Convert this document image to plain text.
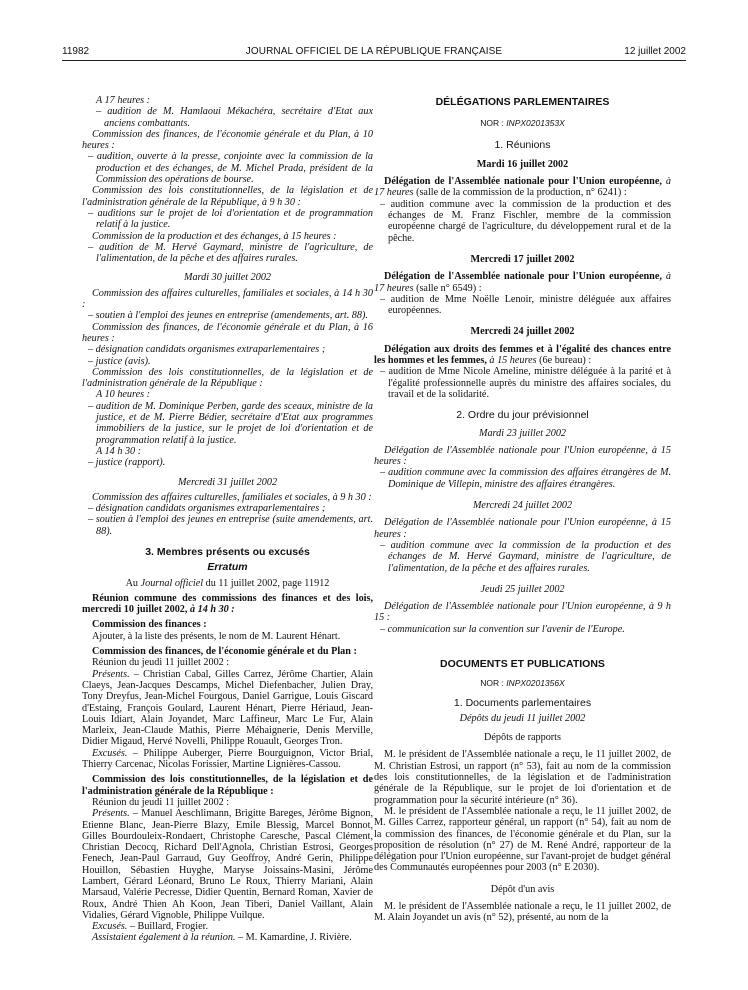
11982	JOURNAL OFFICIEL DE LA RÉPUBLIQUE FRANÇAISE	12 juillet 2002

A 17 heures :

– audition de M. Hamlaoui Mékachéra, secrétaire d'Etat aux anciens combattants.

Commission des finances, de l'économie générale et du Plan, à 10 heures :

– audition, ouverte à la presse, conjointe avec la commission de la production et des échanges, de M. Michel Prada, président de la Commission des opérations de bourse.

Commission des lois constitutionnelles, de la législation et de l'administration générale de la République, à 9 h 30 :

– auditions sur le projet de loi d'orientation et de programmation relatif à la justice.

Commission de la production et des échanges, à 15 heures :

– audition de M. Hervé Gaymard, ministre de l'agriculture, de l'alimentation, de la pêche et des affaires rurales.

Mardi 30 juillet 2002

Commission des affaires culturelles, familiales et sociales, à 14 h 30 :

– soutien à l'emploi des jeunes en entreprise (amendements, art. 88).

Commission des finances, de l'économie générale et du Plan, à 16 heures :

– désignation candidats organismes extraparlementaires ;

– justice (avis).

Commission des lois constitutionnelles, de la législation et de l'administration générale de la République :

A 10 heures :

– audition de M. Dominique Perben, garde des sceaux, ministre de la justice, et de M. Pierre Bédier, secrétaire d'Etat aux programmes immobiliers de la justice, sur le projet de loi d'orientation et de programmation relatif à la justice.

A 14 h 30 :

– justice (rapport).

Mercredi 31 juillet 2002

Commission des affaires culturelles, familiales et sociales, à 9 h 30 :

– désignation candidats organismes extraparlementaires ;

– soutien à l'emploi des jeunes en entreprise (suite amendements, art. 88).

3. Membres présents ou excusés

Erratum

Au Journal officiel du 11 juillet 2002, page 11912

Réunion commune des commissions des finances et des lois, mercredi 10 juillet 2002, à 14 h 30 :

Commission des finances :

Ajouter, à la liste des présents, le nom de M. Laurent Hénart.

Commission des finances, de l'économie générale et du Plan :

Réunion du jeudi 11 juillet 2002 :

Présents. – Christian Cabal, Gilles Carrez, Jérôme Chartier, Alain Claeys, Jean-Jacques Descamps, Michel Diefenbacher, Julien Dray, Tony Dreyfus, Jean-Michel Fourgous, Daniel Garrigue, Louis Giscard d'Estaing, François Goulard, Laurent Hénart, Pierre Hériaud, Jean-Louis Idiart, Alain Joyandet, Marc Laffineur, Marc Le Fur, Alain Marleix, Jean-Claude Mathis, Pierre Méhaignerie, Denis Merville, Didier Migaud, Hervé Novelli, Philippe Rouault, Georges Tron.

Excusés. – Philippe Auberger, Pierre Bourguignon, Victor Brial, Thierry Carcenac, Nicolas Forissier, Martine Lignières-Cassou.

Commission des lois constitutionnelles, de la législation et de l'administration générale de la République :

Réunion du jeudi 11 juillet 2002 :

Présents. – Manuel Aeschlimann, Brigitte Bareges, Jérôme Bignon, Etienne Blanc, Jean-Pierre Blazy, Emile Blessig, Marcel Bonnot, Gilles Bourdouleix-Rondaert, Christophe Caresche, Pascal Clément, Christian Decocq, Richard Dell'Agnola, Christian Estrosi, Georges Fenech, Jean-Paul Garraud, Guy Geoffroy, André Gerin, Philippe Houillon, Sébastien Huyghe, Maryse Joissains-Masini, Jérôme Lambert, Gérard Léonard, Bruno Le Roux, Thierry Mariani, Alain Marsaud, Valérie Pecresse, Didier Quentin, Bernard Roman, Xavier de Roux, André Thien Ah Koon, Jean Tiberi, Daniel Vaillant, Alain Vidalies, Gérard Vignoble, Philippe Vuilque.

Excusés. – Buillard, Frogier.

Assistaient également à la réunion. – M. Kamardine, J. Rivière.

DÉLÉGATIONS PARLEMENTAIRES

NOR : INPX0201353X

1. Réunions

Mardi 16 juillet 2002

Délégation de l'Assemblée nationale pour l'Union européenne, à 17 heures (salle de la commission de la production, n° 6241) :

– audition commune avec la commission de la production et des échanges de M. Franz Fischler, membre de la commission européenne chargé de l'agriculture, du développement rural et de la pêche.

Mercredi 17 juillet 2002

Délégation de l'Assemblée nationale pour l'Union européenne, à 17 heures (salle n° 6549) :

– audition de Mme Noëlle Lenoir, ministre déléguée aux affaires européennes.

Mercredi 24 juillet 2002

Délégation aux droits des femmes et à l'égalité des chances entre les hommes et les femmes, à 15 heures (6e bureau) :

– audition de Mme Nicole Ameline, ministre déléguée à la parité et à l'égalité professionnelle auprès du ministre des affaires sociales, du travail et de la solidarité.

2. Ordre du jour prévisionnel

Mardi 23 juillet 2002

Délégation de l'Assemblée nationale pour l'Union européenne, à 15 heures :

– audition commune avec la commission des affaires étrangères de M. Dominique de Villepin, ministre des affaires étrangères.

Mercredi 24 juillet 2002

Délégation de l'Assemblée nationale pour l'Union européenne, à 15 heures :

– audition commune avec la commission de la production et des échanges de M. Hervé Gaymard, ministre de l'agriculture, de l'alimentation, de la pêche et des affaires rurales.

Jeudi 25 juillet 2002

Délégation de l'Assemblée nationale pour l'Union européenne, à 9 h 15 :

– communication sur la convention sur l'avenir de l'Europe.

DOCUMENTS ET PUBLICATIONS

NOR : INPX0201356X

1. Documents parlementaires

Dépôts du jeudi 11 juillet 2002

Dépôts de rapports

M. le président de l'Assemblée nationale a reçu, le 11 juillet 2002, de M. Christian Estrosi, un rapport (n° 53), fait au nom de la commission des lois constitutionnelles, de la législation et de l'administration générale de la République, sur le projet de loi d'orientation et de programmation pour la sécurité intérieure (n° 36).

M. le président de l'Assemblée nationale a reçu, le 11 juillet 2002, de M. Gilles Carrez, rapporteur général, un rapport (n° 54), fait au nom de la commission des finances, de l'économie générale et du Plan, sur la proposition de résolution (n° 27) de M. René André, rapporteur de la délégation pour l'Union européenne, sur l'avant-projet de budget général des Communautés européennes pour 2003 (n° E 2030).

Dépôt d'un avis

M. le président de l'Assemblée nationale a reçu, le 11 juillet 2002, de M. Alain Joyandet un avis (n° 52), présenté, au nom de la
